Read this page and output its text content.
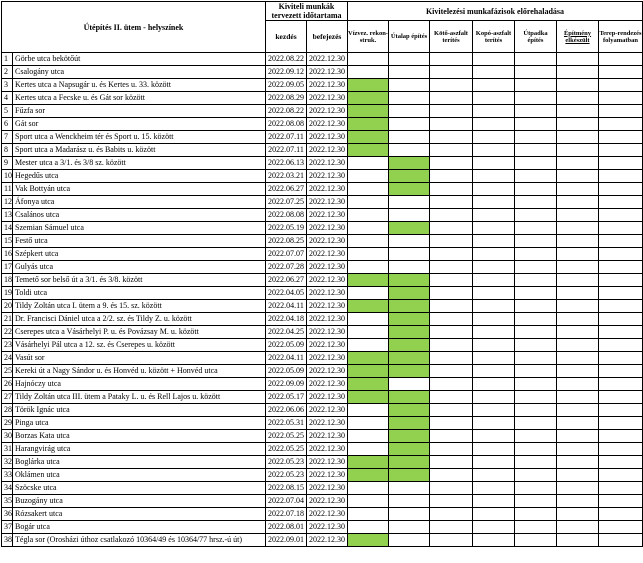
Útépítés II. ütem - helyszínek		Kiviteli munkák tervezett időtartama		Kivitelezési munkafázisok előrehaladása						
		kezdés	befejezés	Vízvez. rekon-struk.	Útalap építés	Kötő-aszfalt terítés	Kopó-aszfalt terítés	Útpadka építés	Építmény elkészült	Terep-rendezés folyamatban
1	Görbe utca bekötőút	2022.08.22	2022.12.30							
2	Csalogány utca	2022.09.12	2022.12.30							
3	Kertes utca a Napsugár u. és Kertes u. 33. között	2022.09.05	2022.12.30							
4	Kertes utca a Fecske u. és Gát sor között	2022.08.29	2022.12.30							
5	Fűzfa sor	2022.08.22	2022.12.30							
6	Gát sor	2022.08.08	2022.12.30							
7	Sport utca a Wenckheim tér és Sport u. 15. között	2022.07.11	2022.12.30							
8	Sport utca a Madarász u. és Babits u. között	2022.07.11	2022.12.30							
9	Mester utca a 3/1. és 3/8 sz. között	2022.06.13	2022.12.30							
10	Hegedűs utca	2022.03.21	2022.12.30							
11	Vak Bottyán utca	2022.06.27	2022.12.30							
12	Áfonya utca	2022.07.25	2022.12.30							
13	Csalános utca	2022.08.08	2022.12.30							
14	Szemian Sámuel utca	2022.05.19	2022.12.30							
15	Festő utca	2022.08.25	2022.12.30							
16	Szépkert utca	2022.07.07	2022.12.30							
17	Gulyás utca	2022.07.28	2022.12.30							
18	Temető sor belső út a 3/1. és 3/8. között	2022.06.27	2022.12.30							
19	Toldi utca	2022.04.05	2022.12.30							
20	Tildy Zoltán utca I. ütem a 9. és 15. sz. között	2022.04.11	2022.12.30							
21	Dr. Francisci Dániel utca a 2/2. sz. és Tildy Z. u. között	2022.04.18	2022.12.30							
22	Cserepes utca a Vásárhelyi P. u. és Povázsay M. u. között	2022.04.25	2022.12.30							
23	Vásárhelyi Pál utca a 12. sz. és Cserepes u. között	2022.05.09	2022.12.30							
24	Vasút sor	2022.04.11	2022.12.30							
25	Kereki út a Nagy Sándor u. és Honvéd u. között + Honvéd utca	2022.05.09	2022.12.30							
26	Hajnóczy utca	2022.09.09	2022.12.30							
27	Tildy Zoltán utca III. ütem a Pataky L. u. és Rell Lajos u. között	2022.05.17	2022.12.30							
28	Török Ignác utca	2022.06.06	2022.12.30							
29	Pinga utca	2022.05.31	2022.12.30							
30	Borzas Kata utca	2022.05.25	2022.12.30							
31	Harangvirág utca	2022.05.25	2022.12.30							
32	Boglárka utca	2022.05.23	2022.12.30							
33	Oklámen utca	2022.05.23	2022.12.30							
34	Szöcske utca	2022.08.15	2022.12.30							
35	Buzogány utca	2022.07.04	2022.12.30							
36	Rózsakert utca	2022.07.18	2022.12.30							
37	Bogár utca	2022.08.01	2022.12.30							
38	Tégla sor (Orosházi úthoz csatlakozó 10364/49 és 10364/77 hrsz.-ú út)	2022.09.01	2022.12.30							
